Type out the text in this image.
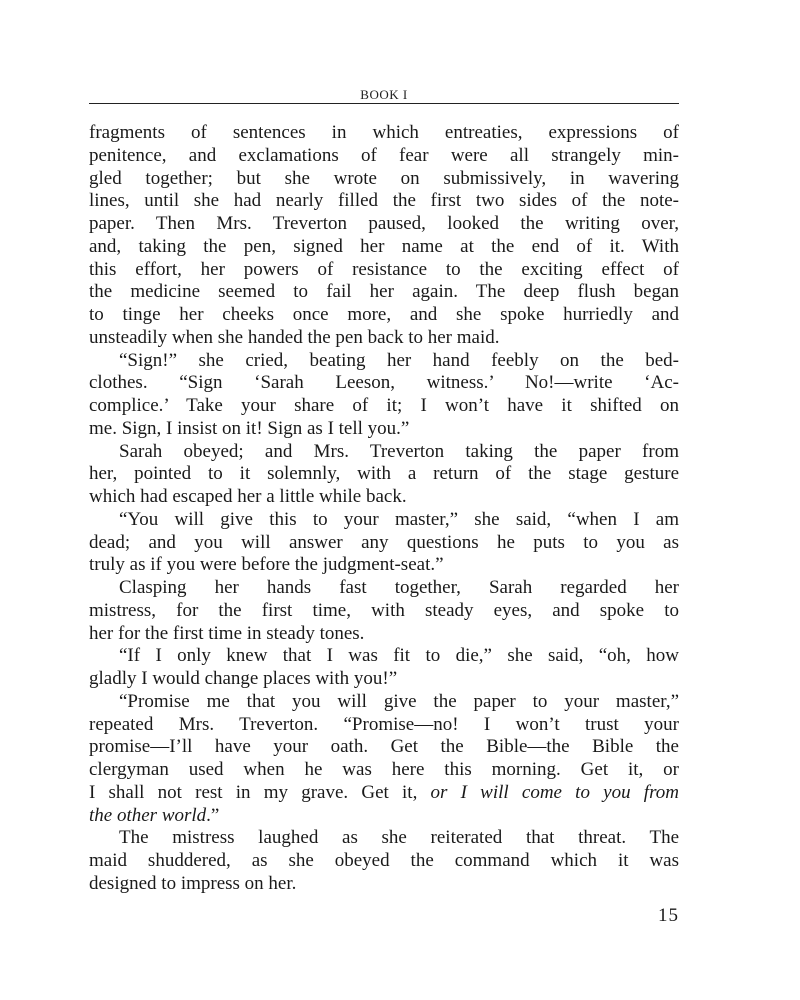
BOOK I

fragments of sentences in which entreaties, expressions of

penitence, and exclamations of fear were all strangely min-

gled together; but she wrote on submissively, in wavering

lines, until she had nearly filled the first two sides of the note-

paper. Then Mrs. Treverton paused, looked the writing over,

and, taking the pen, signed her name at the end of it. With

this effort, her powers of resistance to the exciting effect of

the medicine seemed to fail her again. The deep flush began

to tinge her cheeks once more, and she spoke hurriedly and

unsteadily when she handed the pen back to her maid.

“Sign!” she cried, beating her hand feebly on the bed-

clothes. “Sign ‘Sarah Leeson, witness.’ No!—write ‘Ac-

complice.’ Take your share of it; I won’t have it shifted on

me. Sign, I insist on it! Sign as I tell you.”

Sarah obeyed; and Mrs. Treverton taking the paper from

her, pointed to it solemnly, with a return of the stage gesture

which had escaped her a little while back.

“You will give this to your master,” she said, “when I am

dead; and you will answer any questions he puts to you as

truly as if you were before the judgment-seat.”

Clasping her hands fast together, Sarah regarded her

mistress, for the first time, with steady eyes, and spoke to

her for the first time in steady tones.

“If I only knew that I was fit to die,” she said, “oh, how

gladly I would change places with you!”

“Promise me that you will give the paper to your master,”

repeated Mrs. Treverton. “Promise—no! I won’t trust your

promise—I’ll have your oath. Get the Bible—the Bible the

clergyman used when he was here this morning. Get it, or

I shall not rest in my grave. Get it, or I will come to you from

the other world.”

The mistress laughed as she reiterated that threat. The

maid shuddered, as she obeyed the command which it was

designed to impress on her.

15
